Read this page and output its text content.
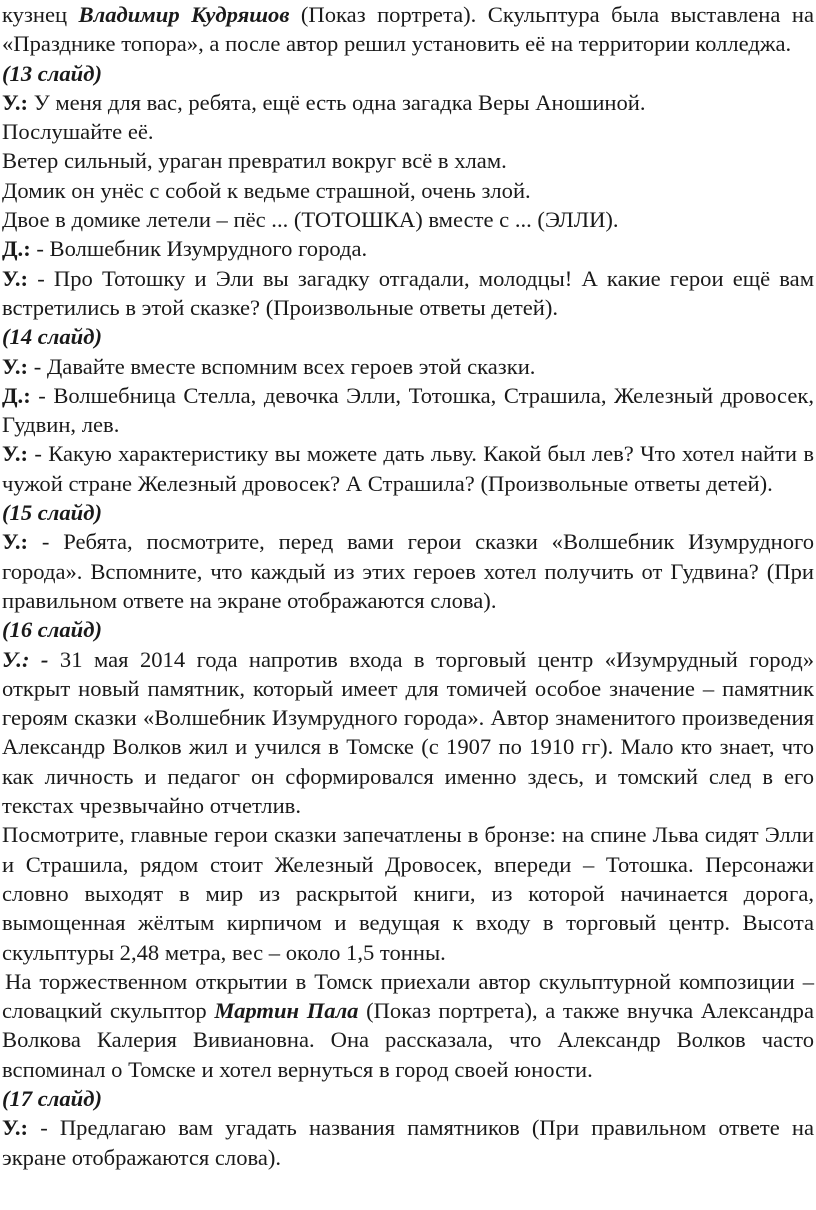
кузнец Владимир Кудряшов (Показ портрета). Скульптура была выставлена на «Празднике топора», а после автор решил установить её на территории колледжа.

(13 слайд)

У.: У меня для вас, ребята, ещё есть одна загадка Веры Аношиной.

Послушайте её.

Ветер сильный, ураган превратил вокруг всё в хлам.

Домик он унёс с собой к ведьме страшной, очень злой.

Двое в домике летели – пёс ... (ТОТОШКА) вместе с ... (ЭЛЛИ).

Д.: - Волшебник Изумрудного города.

У.: - Про Тотошку и Эли вы загадку отгадали, молодцы! А какие герои ещё вам встретились в этой сказке? (Произвольные ответы детей).

(14 слайд)

У.: - Давайте вместе вспомним всех героев этой сказки.

Д.: - Волшебница Стелла, девочка Элли, Тотошка, Страшила, Железный дровосек, Гудвин, лев.

У.: - Какую характеристику вы можете дать льву. Какой был лев? Что хотел найти в чужой стране Железный дровосек? А Страшила? (Произвольные ответы детей).

(15 слайд)

У.: - Ребята, посмотрите, перед вами герои сказки «Волшебник Изумрудного города». Вспомните, что каждый из этих героев хотел получить от Гудвина? (При правильном ответе на экране отображаются слова).

(16 слайд)

У.: - 31 мая 2014 года напротив входа в торговый центр «Изумрудный город» открыт новый памятник, который имеет для томичей особое значение – памятник героям сказки «Волшебник Изумрудного города». Автор знаменитого произведения Александр Волков жил и учился в Томске (с 1907 по 1910 гг). Мало кто знает, что как личность и педагог он сформировался именно здесь, и томский след в его текстах чрезвычайно отчетлив.

Посмотрите, главные герои сказки запечатлены в бронзе: на спине Льва сидят Элли и Страшила, рядом стоит Железный Дровосек, впереди – Тотошка. Персонажи словно выходят в мир из раскрытой книги, из которой начинается дорога, вымощенная жёлтым кирпичом и ведущая к входу в торговый центр. Высота скульптуры 2,48 метра, вес – около 1,5 тонны.

На торжественном открытии в Томск приехали автор скульптурной композиции – словацкий скульптор Мартин Пала (Показ портрета), а также внучка Александра Волкова Калерия Вивиановна. Она рассказала, что Александр Волков часто вспоминал о Томске и хотел вернуться в город своей юности.

(17 слайд)

У.: - Предлагаю вам угадать названия памятников (При правильном ответе на экране отображаются слова).
